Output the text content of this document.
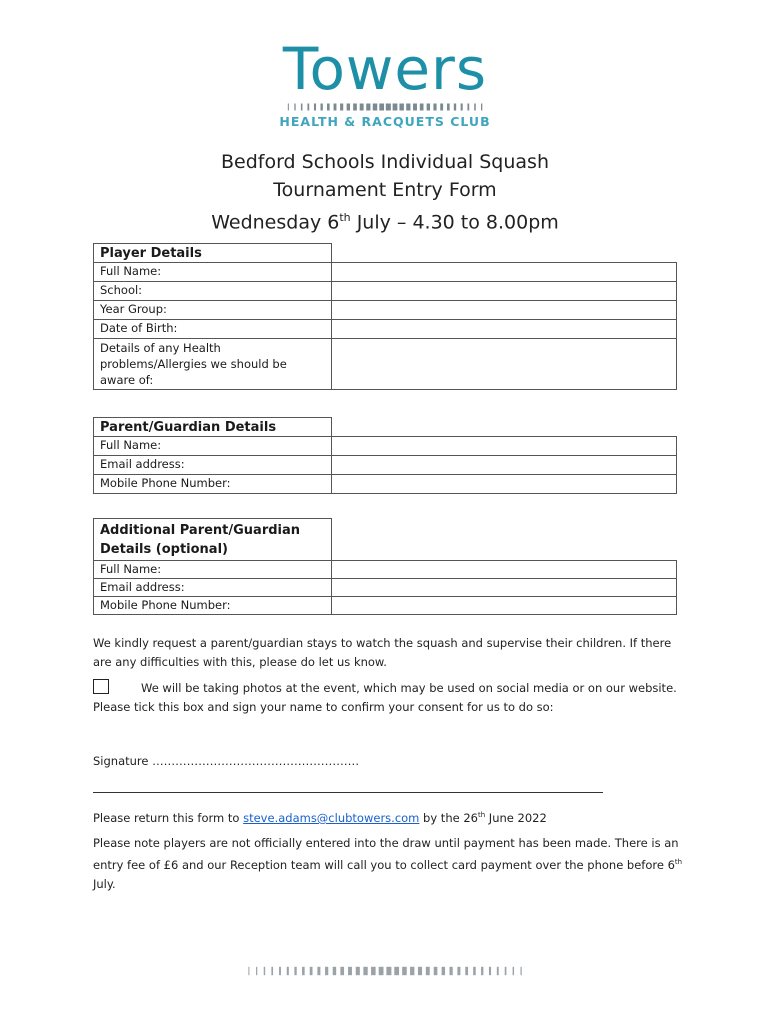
Towers
HEALTH & RACQUETS CLUB
Bedford Schools Individual Squash
Tournament Entry Form
Wednesday 6th July – 4.30 to 8.00pm
Player Details	
Full Name:	
School:	
Year Group:	
Date of Birth:	
Details of any Health problems/Allergies we should be aware of:	
Parent/Guardian Details	
Full Name:	
Email address:	
Mobile Phone Number:	
Additional Parent/Guardian Details (optional)	
Full Name:	
Email address:	
Mobile Phone Number:	
We kindly request a parent/guardian stays to watch the squash and supervise their children. If there are any difficulties with this, please do let us know.
We will be taking photos at the event, which may be used on social media or on our website.
Please tick this box and sign your name to confirm your consent for us to do so:
Signature ………………………………………………
Please return this form to steve.adams@clubtowers.com by the 26th June 2022
Please note players are not officially entered into the draw until payment has been made. There is an entry fee of £6 and our Reception team will call you to collect card payment over the phone before 6th July.
